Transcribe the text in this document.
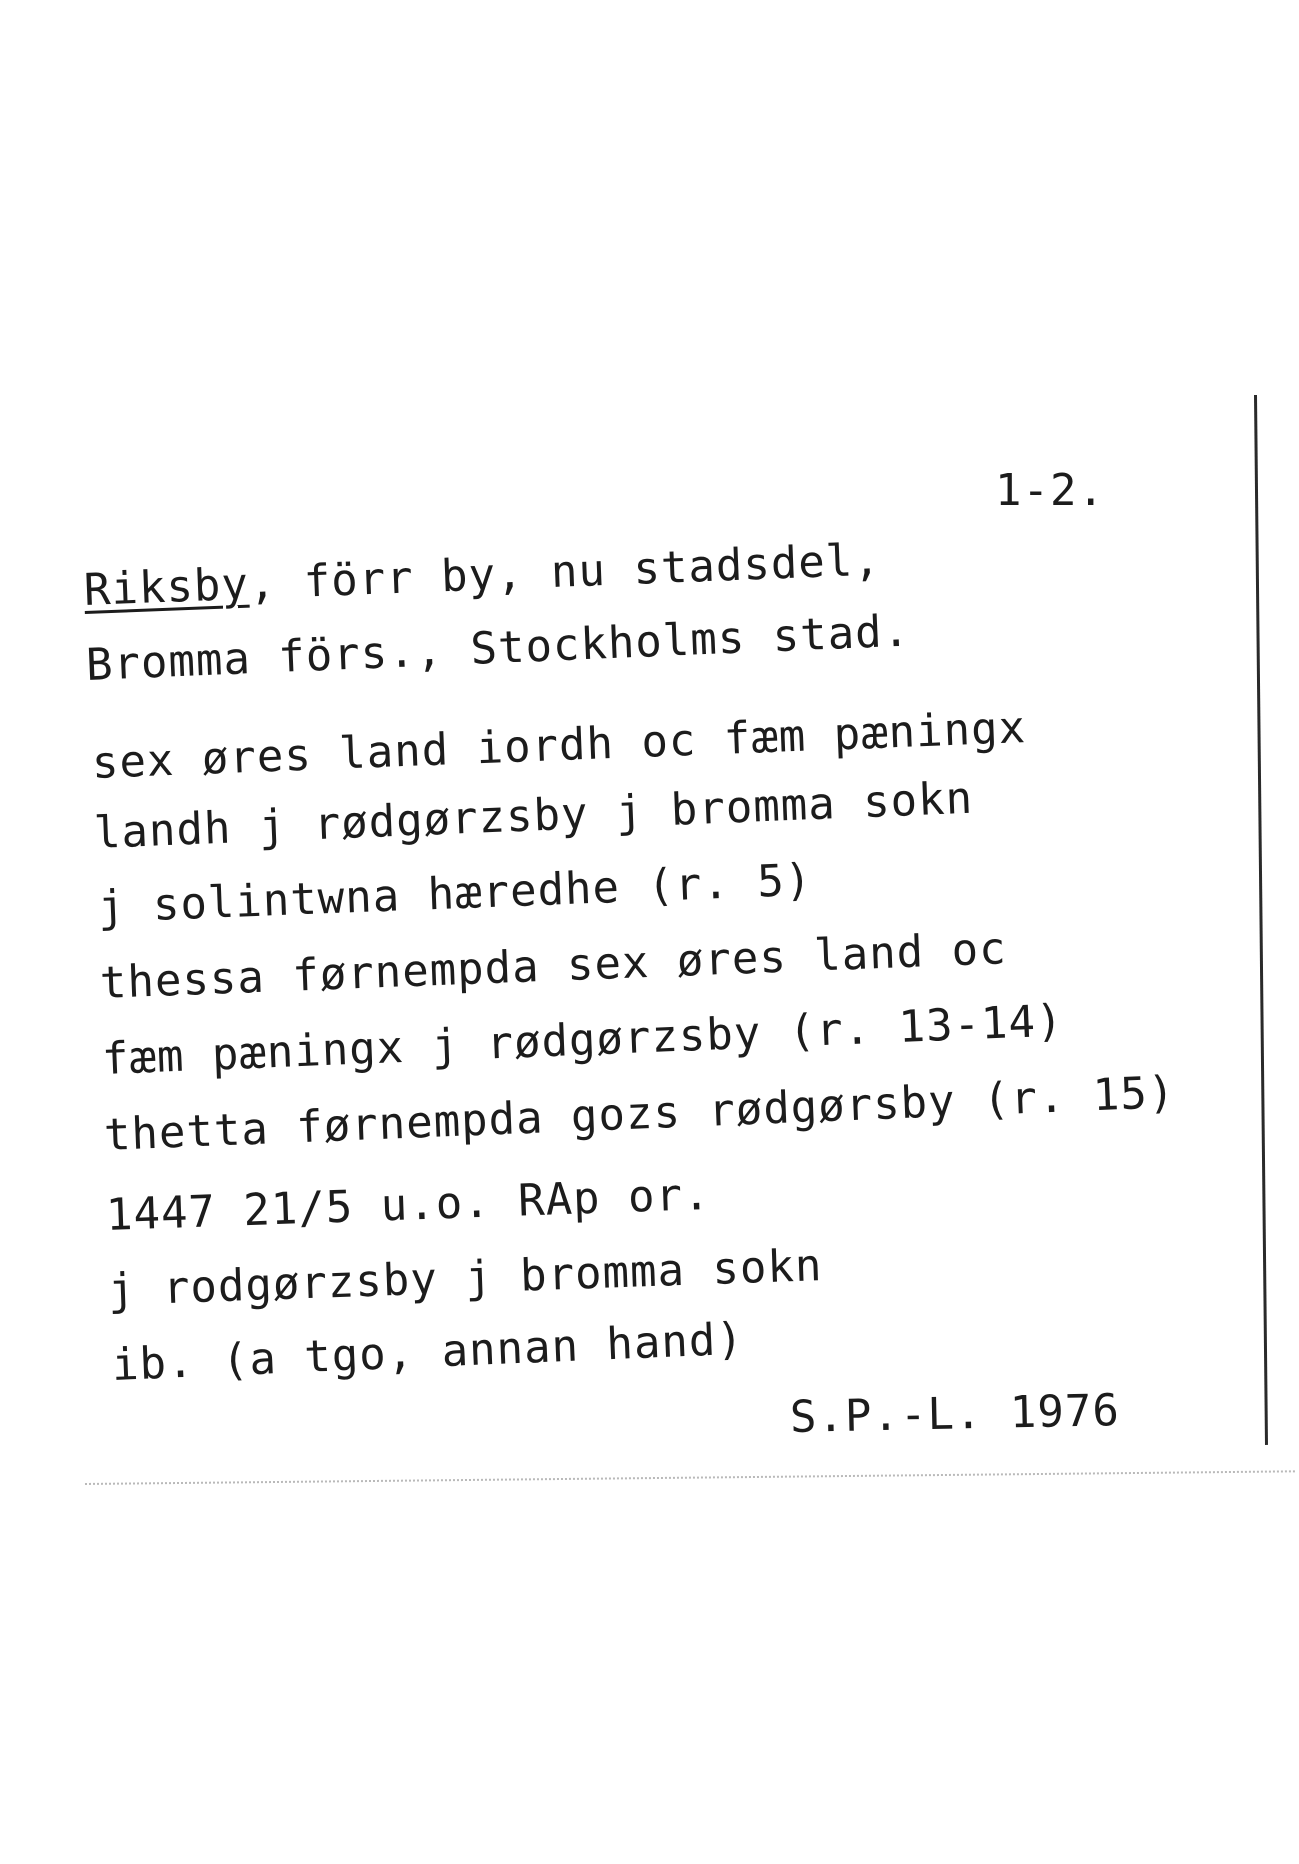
1-2.
Riksby, förr by, nu stadsdel,
Bromma förs., Stockholms stad.
sex øres land iordh oc fæm pæningx
landh j rødgørzsby j bromma sokn
j solintwna hæredhe (r. 5)
thessa førnempda sex øres land oc
fæm pæningx j rødgørzsby (r. 13-14)
thetta førnempda gozs rødgørsby (r. 15)
1447 21/5 u.o. RAp or.
j rodgørzsby j bromma sokn
ib. (a tgo, annan hand)
S.P.-L. 1976
